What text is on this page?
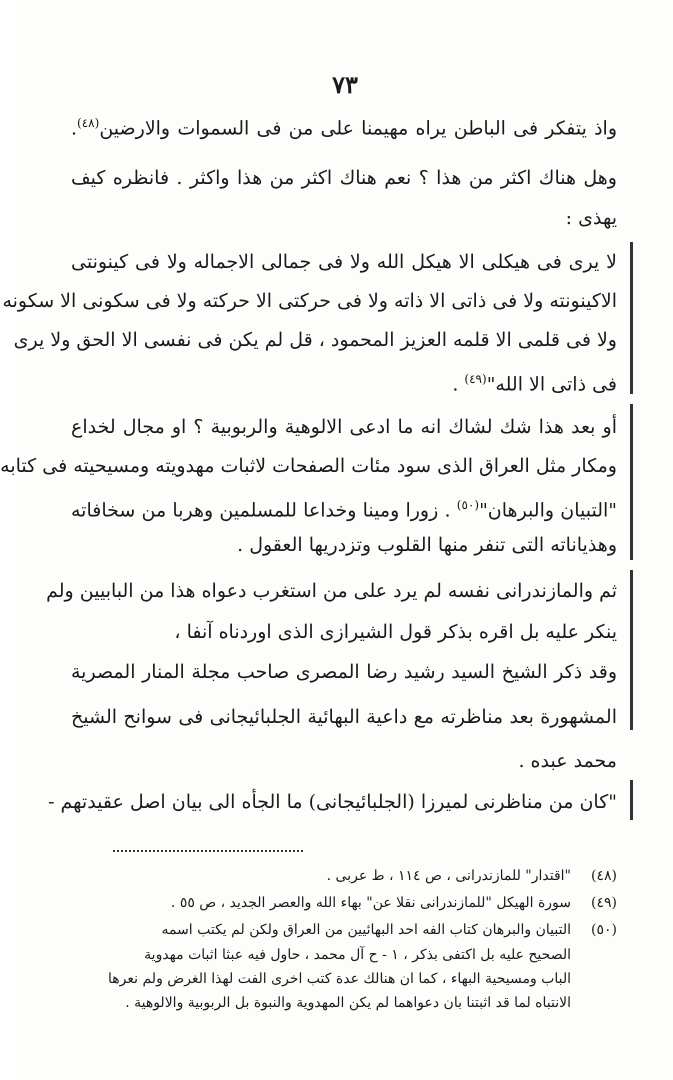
٧٣
واذ يتفكر فى الباطن يراه مهيمنا على من فى السموات والارضين$^{(٤٨)}$.
وهل هناك اكثر من هذا ؟ نعم هناك اكثر من هذا واكثر . فانظره كيف
يهذى :
لا يرى فى هيكلى الا هيكل الله ولا فى جمالى الاجماله ولا فى كينونتى
الاكينونته ولا فى ذاتى الا ذاته ولا فى حركتى الا حركته ولا فى سكونى الا سكونه
ولا فى قلمى الا قلمه العزيز المحمود ، قل لم يكن فى نفسى الا الحق ولا يرى
فى ذاتى الا الله"$^{(٤٩)}$ .
أو بعد هذا شك لشاك انه ما ادعى الالوهية والربوبية ؟ او مجال لخداع
ومكار مثل العراق الذى سود مئات الصفحات لاثبات مهدويته ومسيحيته فى كتابه
"التبيان والبرهان"$^{(٥٠)}$ . زورا ومينا وخداعا للمسلمين وهربا من سخافاته
وهذياناته التى تنفر منها القلوب وتزدريها العقول .
ثم والمازندرانى نفسه لم يرد على من استغرب دعواه هذا من البابيين ولم
ينكر عليه بل اقره بذكر قول الشيرازى الذى اوردناه آنفا ،
وقد ذكر الشيخ السيد رشيد رضا المصرى صاحب مجلة المنار المصرية
المشهورة بعد مناظرته مع داعية البهائية الجلبائيجانى فى سوانح الشيخ
محمد عبده .
"كان من مناظرنى لميرزا (الجلبائيجانى) ما الجأه الى بيان اصل عقيدتهم -
(٤٨)"اقتدار" للمازندرانى ، ص ١١٤ ، ط عربى .
(٤٩)سورة الهيكل "للمازندرانى نقلا عن" بهاء الله والعصر الجديد ، ص ٥٥ .
(٥٠)التبيان والبرهان كتاب الفه احد البهائيين من العراق ولكن لم يكتب اسمه
الصحيح عليه بل اكتفى بذكر ، ١ - ح آل محمد ، حاول فيه عبثا اثبات مهدوية
الباب ومسيحية البهاء ، كما ان هنالك عدة كتب اخرى الفت لهذا الغرض ولم نعرها
الانتباه لما قد اثبتنا بان دعواهما لم يكن المهدوية والنبوة بل الربوبية والالوهية .
